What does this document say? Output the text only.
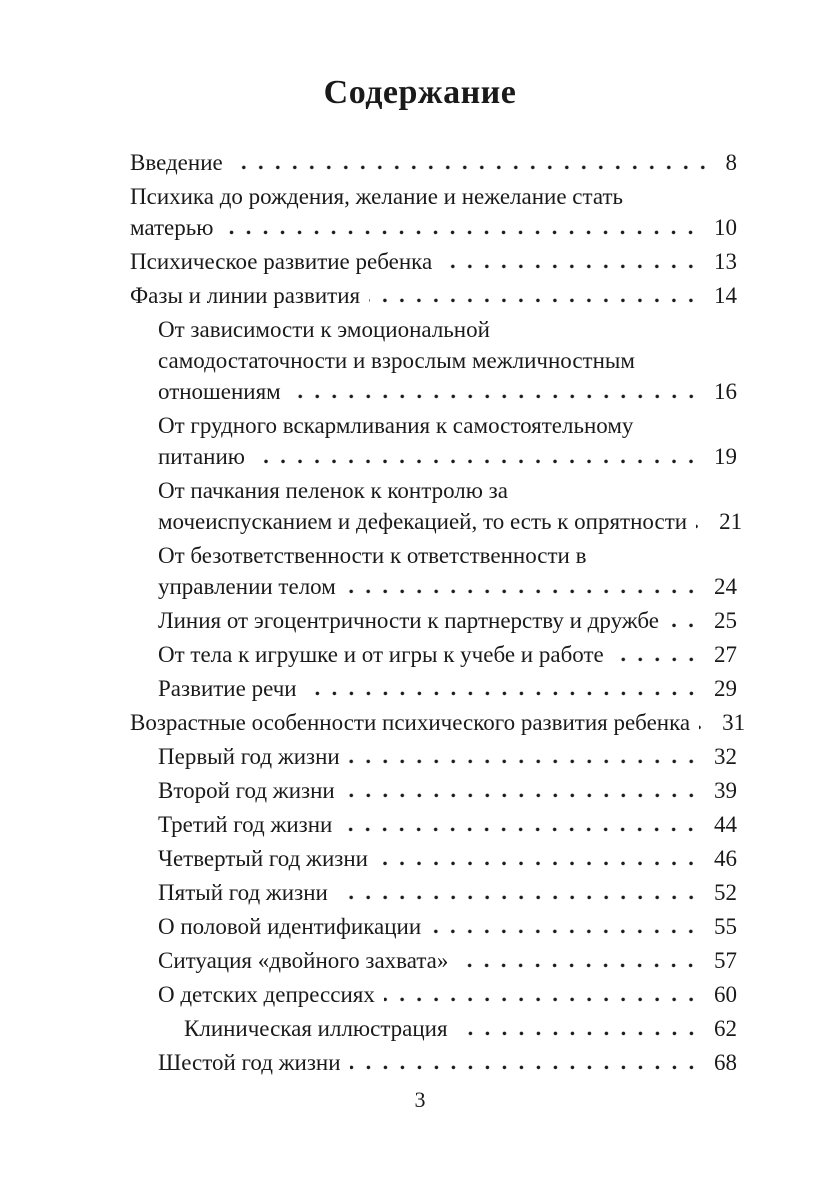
Содержание
Введение	8
Психика до рождения, желание и нежелание стать
матерью	10
Психическое развитие ребенка	13
Фазы и линии развития	14
От зависимости к эмоциональной
самодостаточности и взрослым межличностным
отношениям	16
От грудного вскармливания к самостоятельному
питанию	19
От пачкания пеленок к контролю за
мочеиспусканием и дефекацией, то есть к опрятности 21
От безответственности к ответственности в
управлении телом	24
Линия от эгоцентричности к партнерству и дружбе 25
От тела к игрушке и от игры к учебе и работе	27
Развитие речи	29
Возрастные особенности психического развития ребенка 31
Первый год жизни	32
Второй год жизни	39
Третий год жизни	44
Четвертый год жизни	46
Пятый год жизни	52
О половой идентификации	55
Ситуация «двойного захвата»	57
О детских депрессиях	60
Клиническая иллюстрация	62
Шестой год жизни	68
3
